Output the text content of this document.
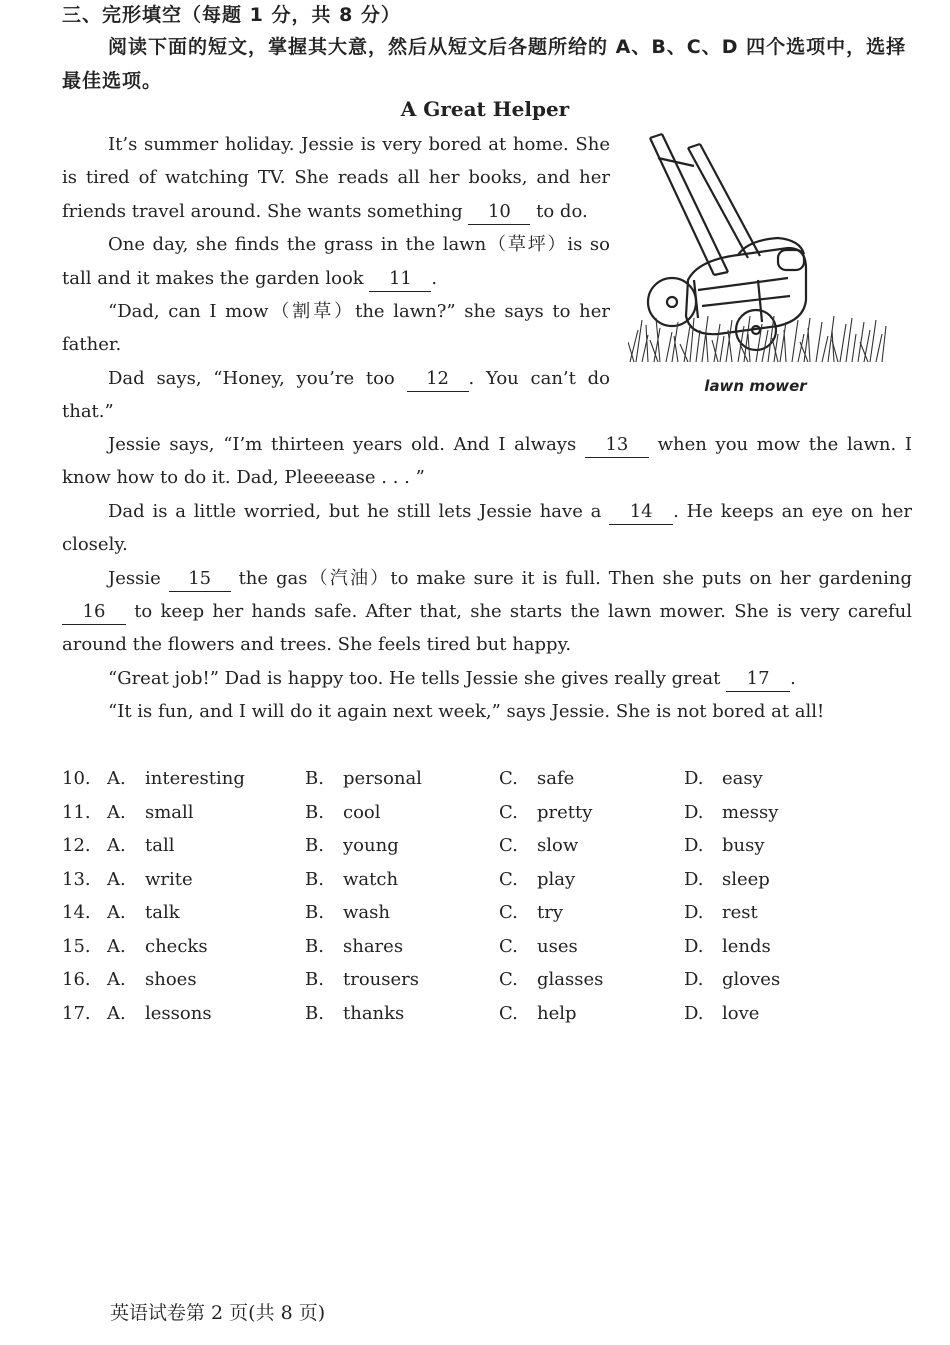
三、完形填空（每题 1 分，共 8 分）
阅读下面的短文，掌握其大意，然后从短文后各题所给的 A、B、C、D 四个选项中，选择最佳选项。
A Great Helper

It’s summer holiday. Jessie is very bored at home. She is tired of watching TV. She reads all her books, and her friends travel around. She wants something 10 to do.

One day, she finds the grass in the lawn（草坪）is so tall and it makes the garden look 11 .

“Dad, can I mow（割草）the lawn?” she says to her father.

Dad says, “Honey, you’re too 12 . You can’t do that.”

lawn mower

Jessie says, “I’m thirteen years old. And I always 13 when you mow the lawn. I know how to do it. Dad, Pleeeease . . . ”

Dad is a little worried, but he still lets Jessie have a 14 . He keeps an eye on her closely.

Jessie 15 the gas（汽油）to make sure it is full. Then she puts on her gardening 16 to keep her hands safe. After that, she starts the lawn mower. She is very careful around the flowers and trees. She feels tired but happy.

“Great job!” Dad is happy too. He tells Jessie she gives really great 17 .

“It is fun, and I will do it again next week,” says Jessie. She is not bored at all!

10. A. interesting	B. personal	C. safe	D. easy
11. A. small	B. cool	C. pretty	D. messy
12. A. tall	B. young	C. slow	D. busy
13. A. write	B. watch	C. play	D. sleep
14. A. talk	B. wash	C. try	D. rest
15. A. checks	B. shares	C. uses	D. lends
16. A. shoes	B. trousers	C. glasses	D. gloves
17. A. lessons	B. thanks	C. help	D. love
英语试卷第 2 页(共 8 页)
